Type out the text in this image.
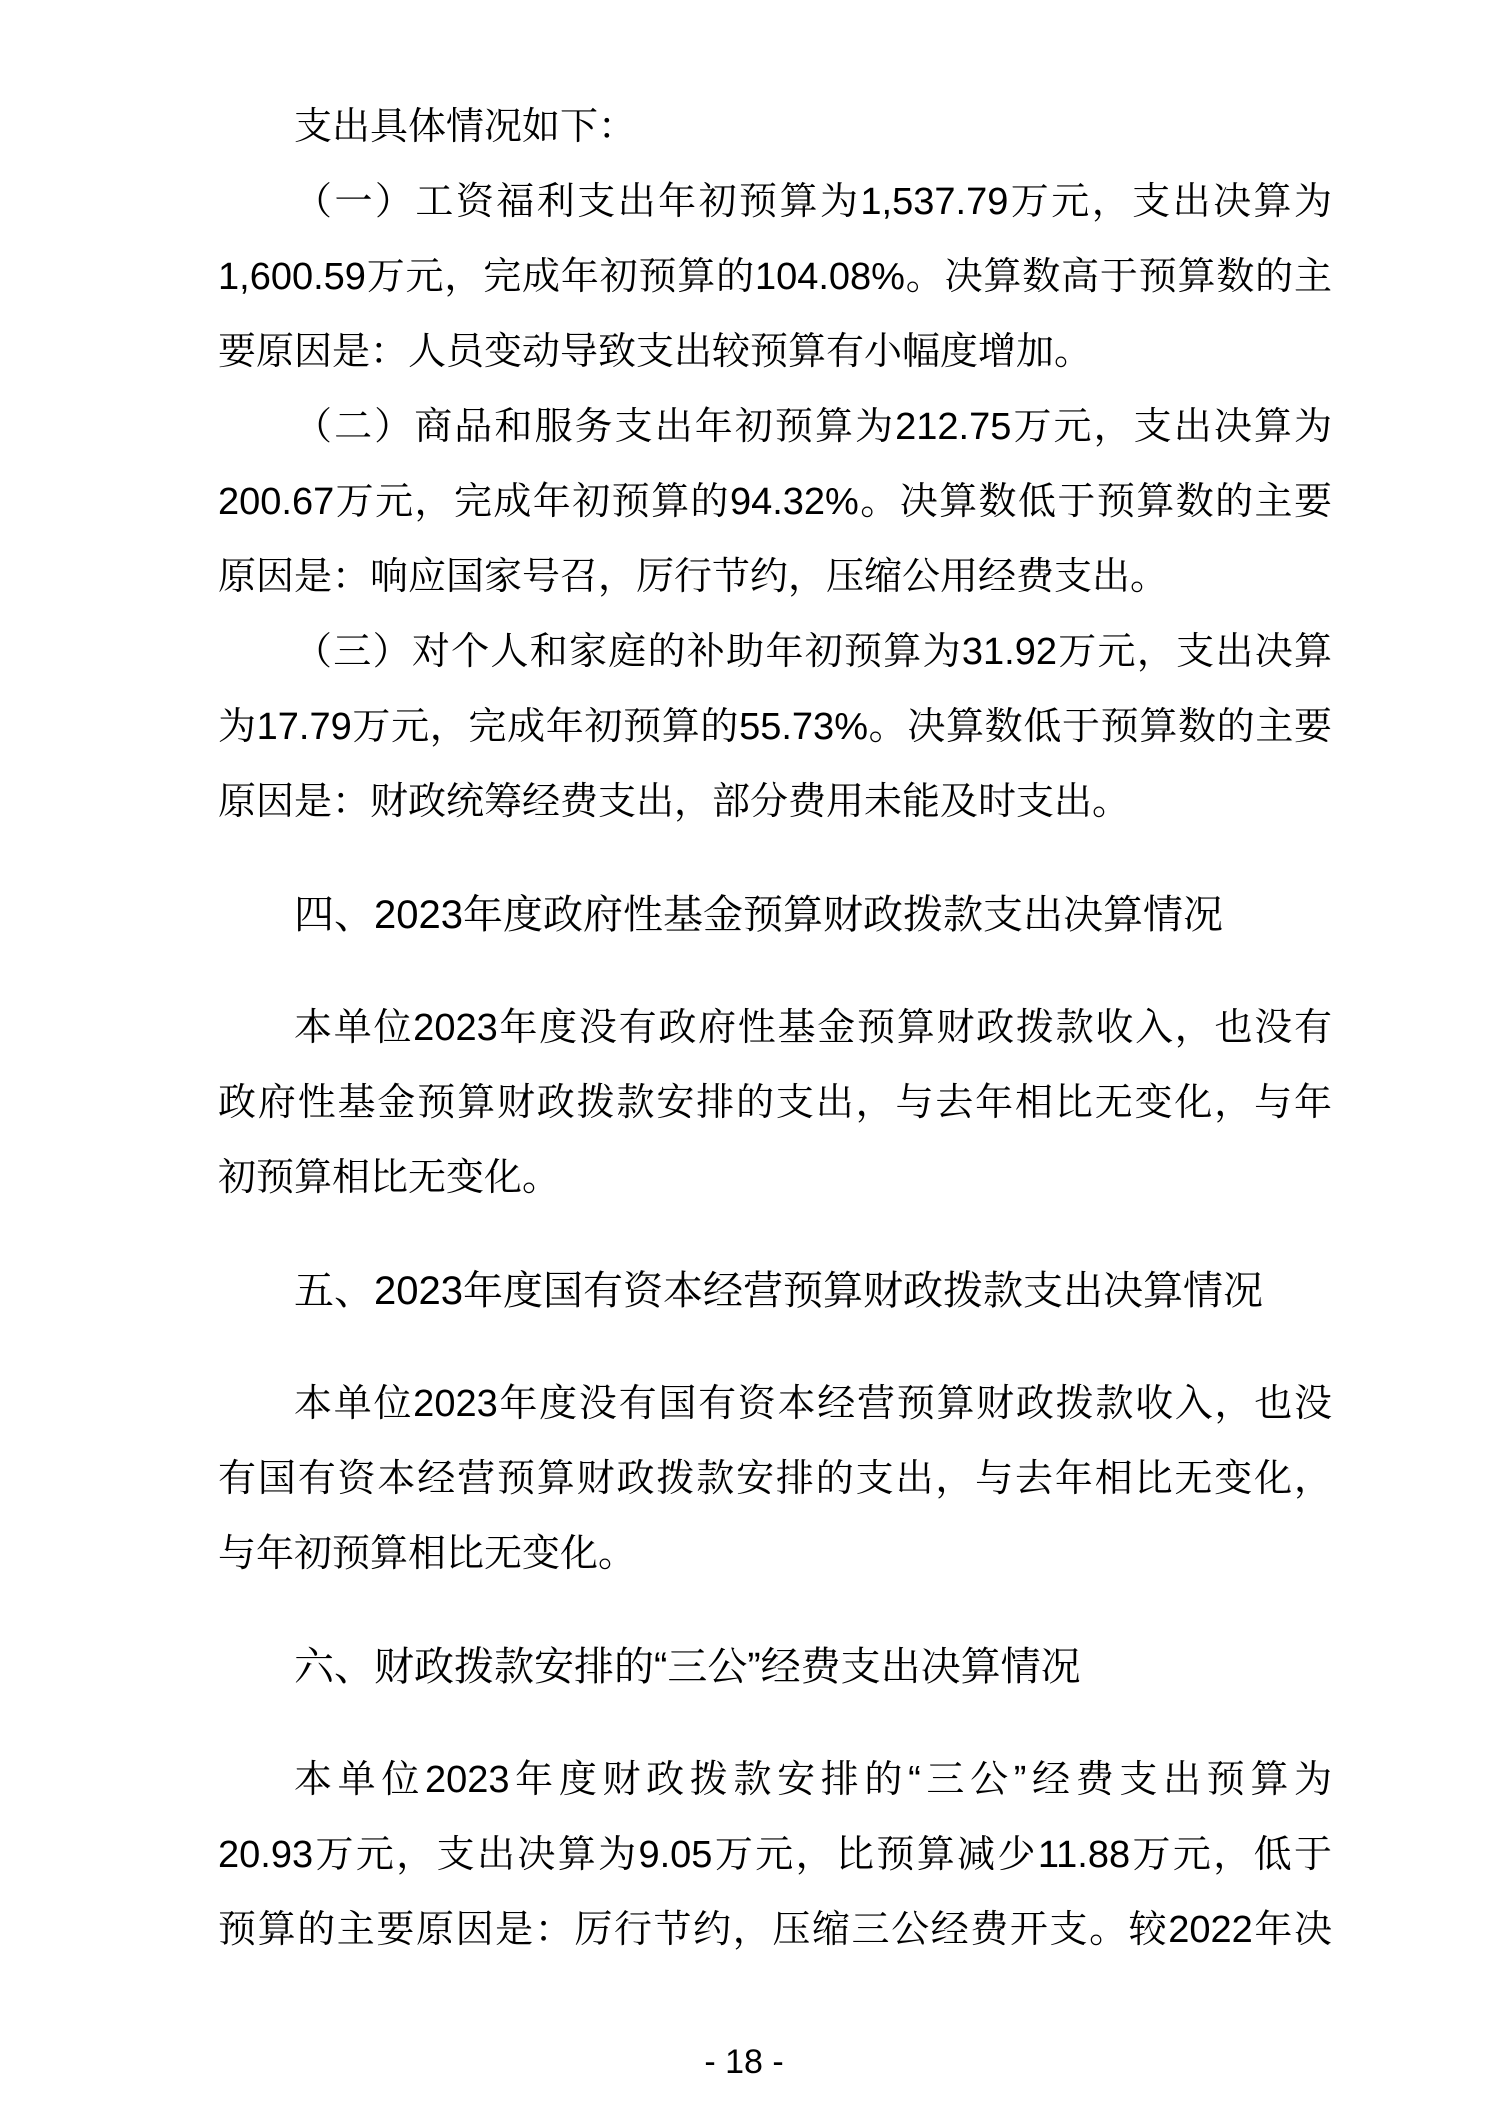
支出具体情况如下：
（一）工资福利支出年初预算为1,537.79万元，支出决算为
1,600.59万元，完成年初预算的104.08%。决算数高于预算数的主
要原因是：人员变动导致支出较预算有小幅度增加。
（二）商品和服务支出年初预算为212.75万元，支出决算为
200.67万元，完成年初预算的94.32%。决算数低于预算数的主要
原因是：响应国家号召，厉行节约，压缩公用经费支出。
（三）对个人和家庭的补助年初预算为31.92万元，支出决算
为17.79万元，完成年初预算的55.73%。决算数低于预算数的主要
原因是：财政统筹经费支出，部分费用未能及时支出。
四、2023年度政府性基金预算财政拨款支出决算情况
本单位2023年度没有政府性基金预算财政拨款收入，也没有
政府性基金预算财政拨款安排的支出，与去年相比无变化，与年
初预算相比无变化。
五、2023年度国有资本经营预算财政拨款支出决算情况
本单位2023年度没有国有资本经营预算财政拨款收入，也没
有国有资本经营预算财政拨款安排的支出，与去年相比无变化，
与年初预算相比无变化。
六、财政拨款安排的“三公”经费支出决算情况
本单位2023年度财政拨款安排的“三公”经费支出预算为
20.93万元，支出决算为9.05万元，比预算减少11.88万元，低于
预算的主要原因是：厉行节约，压缩三公经费开支。较2022年决
- 18 -
